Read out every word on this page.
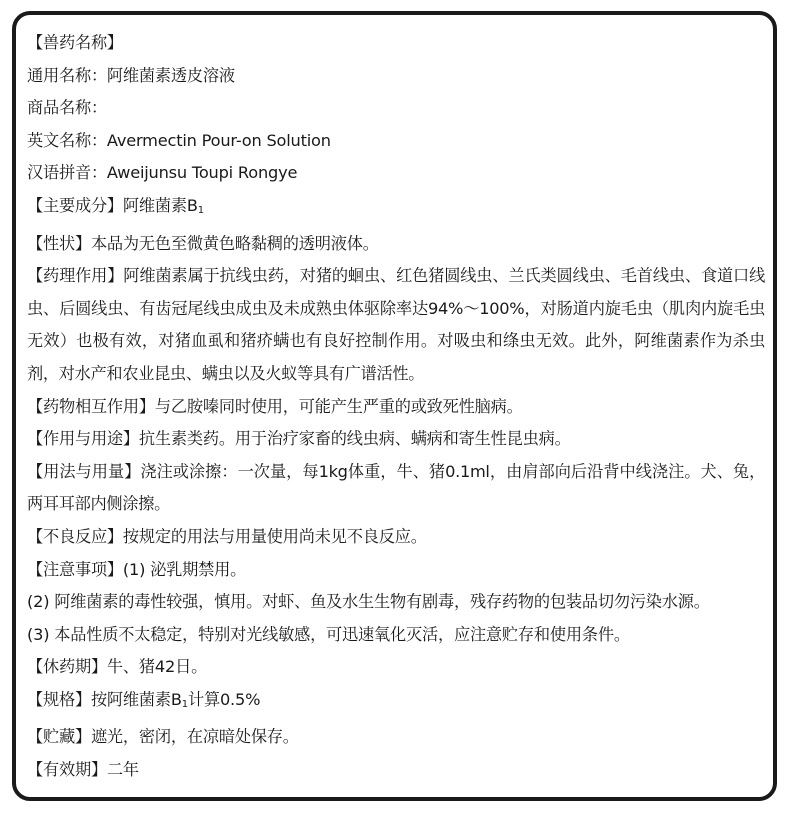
【兽药名称】
通用名称：阿维菌素透皮溶液
商品名称：
英文名称：Avermectin Pour-on Solution
汉语拼音：Aweijunsu Toupi Rongye
【主要成分】阿维菌素$B_1$
【性状】本品为无色至微黄色略黏稠的透明液体。
【药理作用】阿维菌素属于抗线虫药，对猪的蛔虫、红色猪圆线虫、兰氏类圆线虫、毛首线虫、食道口线虫、后圆线虫、有齿冠尾线虫成虫及未成熟虫体驱除率达94%～100%，对肠道内旋毛虫（肌肉内旋毛虫无效）也极有效，对猪血虱和猪疥螨也有良好控制作用。对吸虫和绦虫无效。此外，阿维菌素作为杀虫剂，对水产和农业昆虫、螨虫以及火蚁等具有广谱活性。
【药物相互作用】与乙胺嗪同时使用，可能产生严重的或致死性脑病。
【作用与用途】抗生素类药。用于治疗家畜的线虫病、螨病和寄生性昆虫病。
【用法与用量】浇注或涂擦：一次量，每1kg体重，牛、猪0.1ml，由肩部向后沿背中线浇注。犬、兔，两耳耳部内侧涂擦。
【不良反应】按规定的用法与用量使用尚未见不良反应。
【注意事项】(1) 泌乳期禁用。
(2) 阿维菌素的毒性较强，慎用。对虾、鱼及水生生物有剧毒，残存药物的包装品切勿污染水源。
(3) 本品性质不太稳定，特别对光线敏感，可迅速氧化灭活，应注意贮存和使用条件。
【休药期】牛、猪42日。
【规格】按阿维菌素$B_1$计算0.5%
【贮藏】遮光，密闭，在凉暗处保存。
【有效期】二年
